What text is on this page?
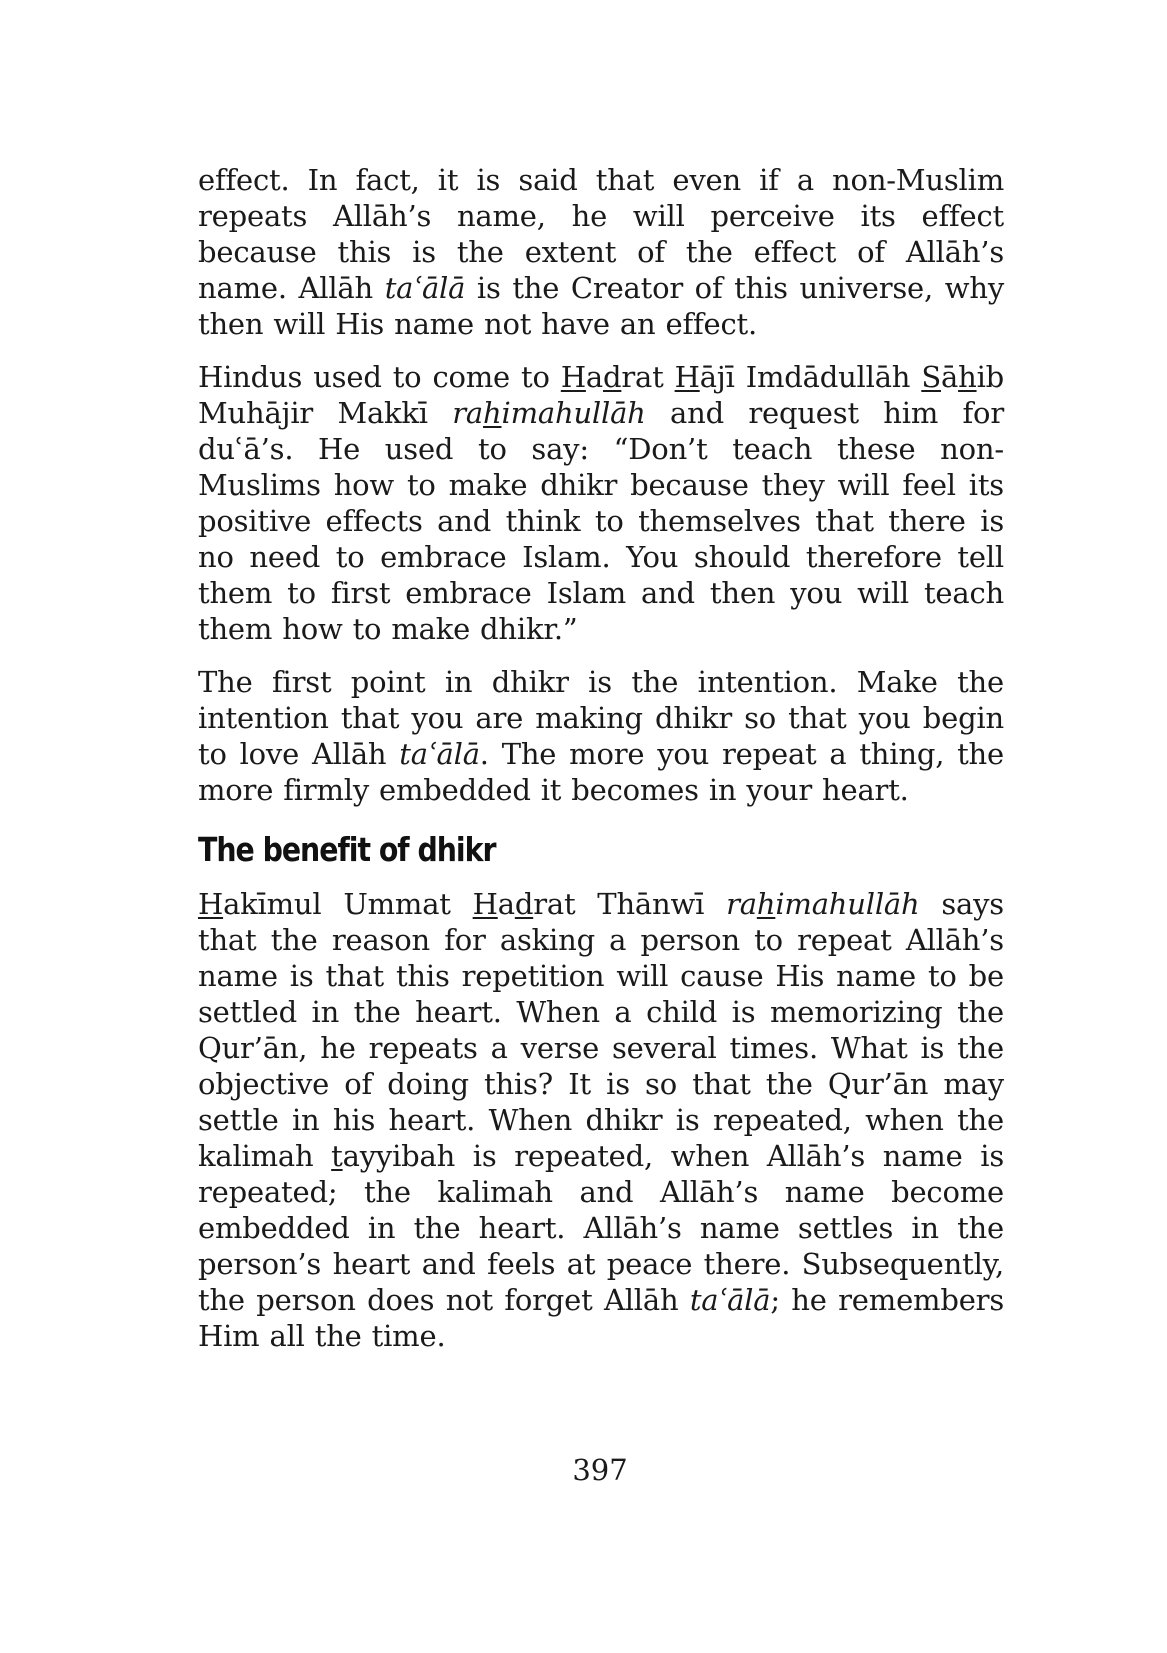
effect. In fact, it is said that even if a non-Muslim repeats Allāh’s name, he will perceive its effect because this is the extent of the effect of Allāh’s name. Allāh taʿālā is the Creator of this universe, why then will His name not have an effect.

Hindus used to come to Hadrat Hājī Imdādullāh Sāhib Muhājir Makkī rahimahullāh and request him for duʿā’s. He used to say: “Don’t teach these non-Muslims how to make dhikr because they will feel its positive effects and think to themselves that there is no need to embrace Islam. You should therefore tell them to first embrace Islam and then you will teach them how to make dhikr.”

The first point in dhikr is the intention. Make the intention that you are making dhikr so that you begin to love Allāh taʿālā. The more you repeat a thing, the more firmly embedded it becomes in your heart.

The benefit of dhikr

Hakīmul Ummat Hadrat Thānwī rahimahullāh says that the reason for asking a person to repeat Allāh’s name is that this repetition will cause His name to be settled in the heart. When a child is memorizing the Qur’ān, he repeats a verse several times. What is the objective of doing this? It is so that the Qur’ān may settle in his heart. When dhikr is repeated, when the kalimah tayyibah is repeated, when Allāh’s name is repeated; the kalimah and Allāh’s name become embedded in the heart. Allāh’s name settles in the person’s heart and feels at peace there. Subsequently, the person does not forget Allāh taʿālā; he remembers Him all the time.

397
